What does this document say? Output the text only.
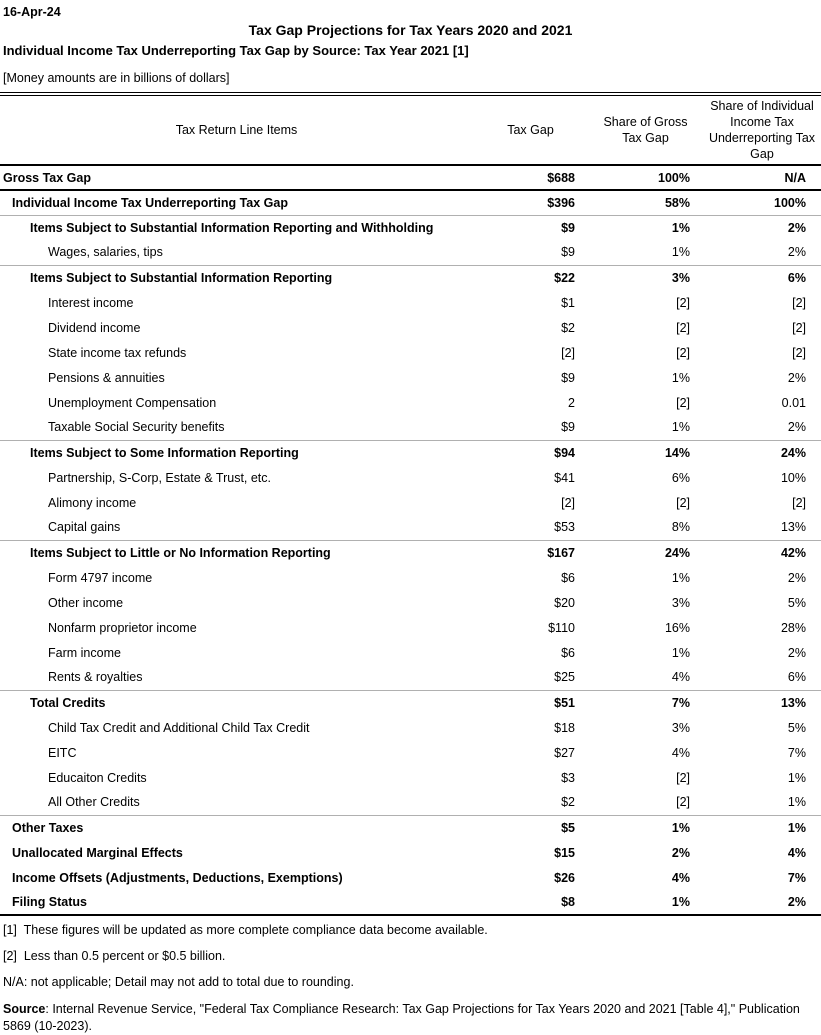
16-Apr-24
Tax Gap Projections for Tax Years 2020 and 2021
Individual Income Tax Underreporting Tax Gap by Source: Tax Year 2021 [1]
[Money amounts are in billions of dollars]
Tax Return Line Items	Tax Gap	Share of Gross Tax Gap	Share of Individual Income Tax Underreporting Tax Gap
Gross Tax Gap	$688	100%	N/A
Individual Income Tax Underreporting Tax Gap	$396	58%	100%
Items Subject to Substantial Information Reporting and Withholding	$9	1%	2%
Wages, salaries, tips	$9	1%	2%
Items Subject to Substantial Information Reporting	$22	3%	6%
Interest income	$1	[2]	[2]
Dividend income	$2	[2]	[2]
State income tax refunds	[2]	[2]	[2]
Pensions & annuities	$9	1%	2%
Unemployment Compensation	2	[2]	0.01
Taxable Social Security benefits	$9	1%	2%
Items Subject to Some Information Reporting	$94	14%	24%
Partnership, S-Corp, Estate & Trust, etc.	$41	6%	10%
Alimony income	[2]	[2]	[2]
Capital gains	$53	8%	13%
Items Subject to Little or No Information Reporting	$167	24%	42%
Form 4797 income	$6	1%	2%
Other income	$20	3%	5%
Nonfarm proprietor income	$110	16%	28%
Farm income	$6	1%	2%
Rents & royalties	$25	4%	6%
Total Credits	$51	7%	13%
Child Tax Credit and Additional Child Tax Credit	$18	3%	5%
EITC	$27	4%	7%
Educaiton Credits	$3	[2]	1%
All Other Credits	$2	[2]	1%
Other Taxes	$5	1%	1%
Unallocated Marginal Effects	$15	2%	4%
Income Offsets (Adjustments, Deductions, Exemptions)	$26	4%	7%
Filing Status	$8	1%	2%
[1]  These figures will be updated as more complete compliance data become available.
[2]  Less than 0.5 percent or $0.5 billion.
N/A: not applicable; Detail may not add to total due to rounding.
Source: Internal Revenue Service, "Federal Tax Compliance Research: Tax Gap Projections for Tax Years 2020 and 2021 [Table 4]," Publication 5869 (10-2023).
